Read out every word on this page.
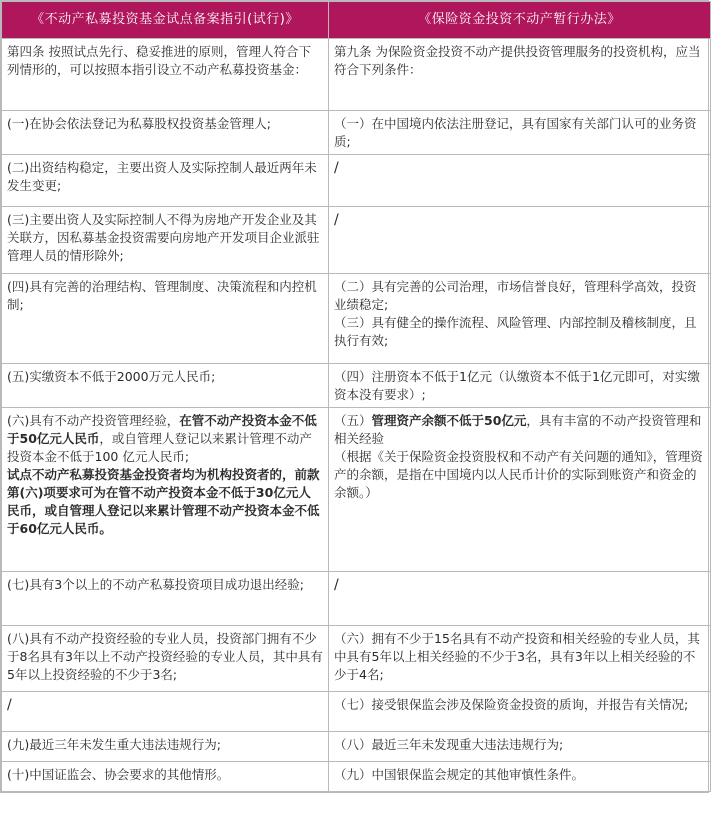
《不动产私募投资基金试点备案指引(试行)》	《保险资金投资不动产暂行办法》

第四条 按照试点先行、稳妥推进的原则，管理人符合下列情形的，可以按照本指引设立不动产私募投资基金：	第九条 为保险资金投资不动产提供投资管理服务的投资机构，应当符合下列条件：

(一)在协会依法登记为私募股权投资基金管理人;	（一）在中国境内依法注册登记，具有国家有关部门认可的业务资质;

(二)出资结构稳定，主要出资人及实际控制人最近两年未发生变更;	/

(三)主要出资人及实际控制人不得为房地产开发企业及其关联方，因私募基金投资需要向房地产开发项目企业派驻管理人员的情形除外;	/

(四)具有完善的治理结构、管理制度、决策流程和内控机制;	（二）具有完善的公司治理，市场信誉良好，管理科学高效，投资业绩稳定;
（三）具有健全的操作流程、风险管理、内部控制及稽核制度，且执行有效;

(五)实缴资本不低于2000万元人民币;	（四）注册资本不低于1亿元（认缴资本不低于1亿元即可，对实缴资本没有要求）;

(六)具有不动产投资管理经验，在管不动产投资本金不低于50亿元人民币，或自管理人登记以来累计管理不动产投资本金不低于100 亿元人民币;
试点不动产私募投资基金投资者均为机构投资者的，前款第(六)项要求可为在管不动产投资本金不低于30亿元人民币，或自管理人登记以来累计管理不动产投资本金不低于60亿元人民币。	（五）管理资产余额不低于50亿元，具有丰富的不动产投资管理和相关经验
（根据《关于保险资金投资股权和不动产有关问题的通知》，管理资产的余额，是指在中国境内以人民币计价的实际到账资产和资金的余额。）

(七)具有3个以上的不动产私募投资项目成功退出经验;	/

(八)具有不动产投资经验的专业人员，投资部门拥有不少于8名具有3年以上不动产投资经验的专业人员，其中具有5年以上投资经验的不少于3名;	（六）拥有不少于15名具有不动产投资和相关经验的专业人员，其中具有5年以上相关经验的不少于3名，具有3年以上相关经验的不少于4名;

/	（七）接受银保监会涉及保险资金投资的质询，并报告有关情况;

(九)最近三年未发生重大违法违规行为;	（八）最近三年未发现重大违法违规行为;

(十)中国证监会、协会要求的其他情形。	（九）中国银保监会规定的其他审慎性条件。
